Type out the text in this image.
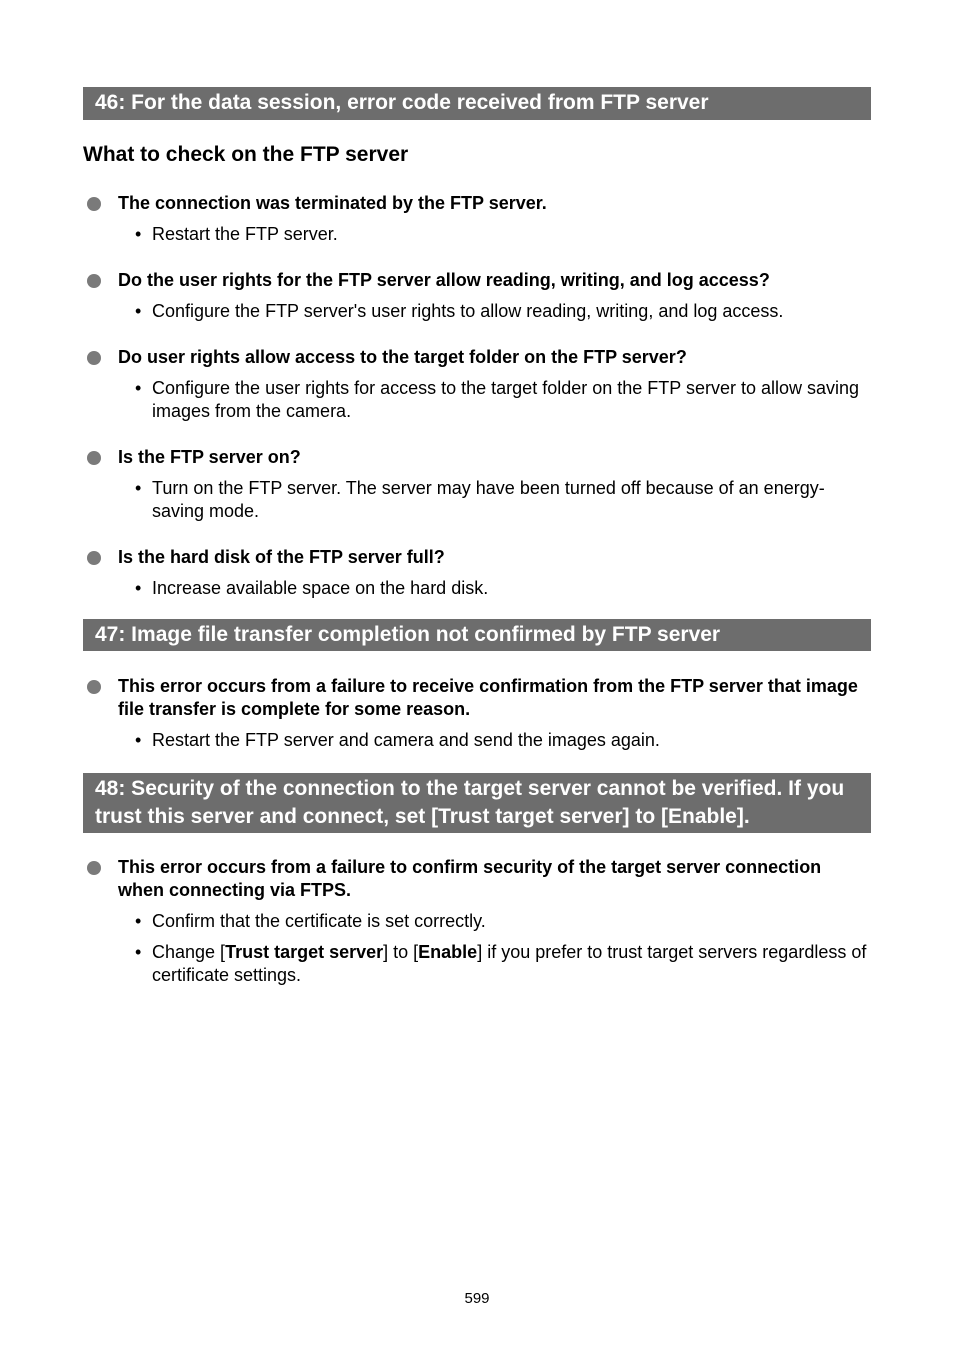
46: For the data session, error code received from FTP server
What to check on the FTP server
The connection was terminated by the FTP server.
• Restart the FTP server.
Do the user rights for the FTP server allow reading, writing, and log access?
• Configure the FTP server's user rights to allow reading, writing, and log access.
Do user rights allow access to the target folder on the FTP server?
• Configure the user rights for access to the target folder on the FTP server to allow saving images from the camera.
Is the FTP server on?
• Turn on the FTP server. The server may have been turned off because of an energy-saving mode.
Is the hard disk of the FTP server full?
• Increase available space on the hard disk.
47: Image file transfer completion not confirmed by FTP server
This error occurs from a failure to receive confirmation from the FTP server that image file transfer is complete for some reason.
• Restart the FTP server and camera and send the images again.
48: Security of the connection to the target server cannot be verified. If you trust this server and connect, set [Trust target server] to [Enable].
This error occurs from a failure to confirm security of the target server connection when connecting via FTPS.
• Confirm that the certificate is set correctly.
• Change [Trust target server] to [Enable] if you prefer to trust target servers regardless of certificate settings.
599
